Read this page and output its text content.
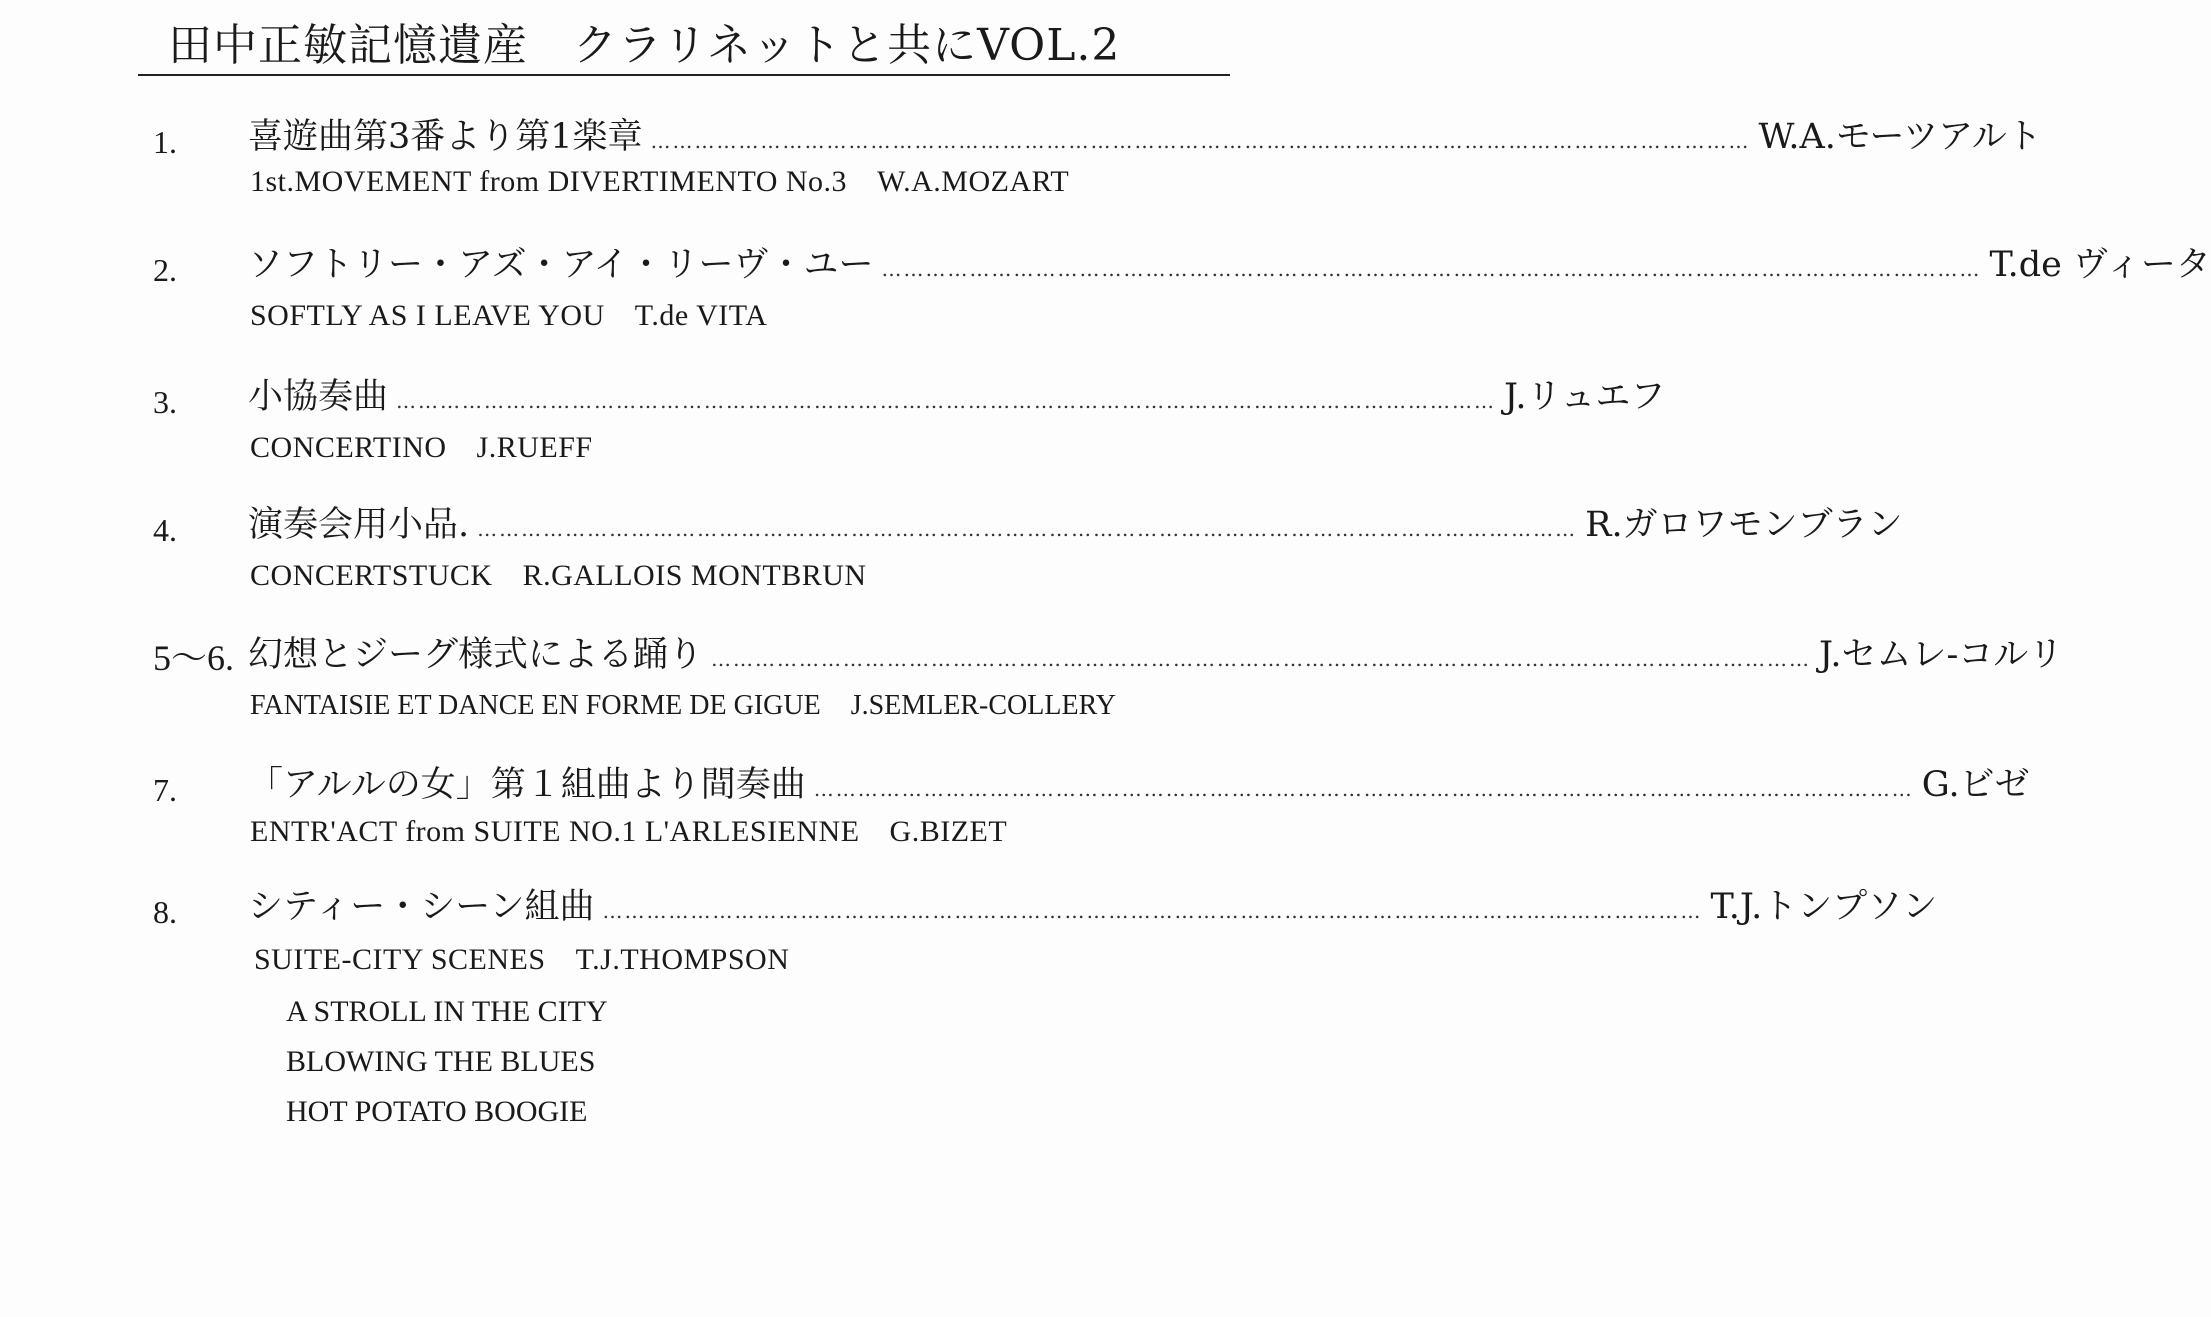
田中正敏記憶遺産　クラリネットと共にVOL.2
1. 喜遊曲第3番より第1楽章 …………………………………………………………………………………………………………………………………… W.A.モーツアルト
1st.MOVEMENT from DIVERTIMENTO No.3 W.A.MOZART
2. ソフトリー・アズ・アイ・リーヴ・ユー …………………………………………………………………………………………………………………………………… T.de ヴィータ
SOFTLY AS I LEAVE YOU T.de VITA
3. 小協奏曲 …………………………………………………………………………………………………………………………………… J.リュエフ
CONCERTINO J.RUEFF
4. 演奏会用小品. …………………………………………………………………………………………………………………………………… R.ガロワモンブラン
CONCERTSTUCK R.GALLOIS MONTBRUN
5〜6. 幻想とジーグ様式による踊り …………………………………………………………………………………………………………………………………… J.セムレ-コルリ
FANTAISIE ET DANCE EN FORME DE GIGUE J.SEMLER-COLLERY
7. 「アルルの女」第１組曲より間奏曲 …………………………………………………………………………………………………………………………………… G.ビゼ
ENTR'ACT from SUITE NO.1 L'ARLESIENNE G.BIZET
8. シティー・シーン組曲 …………………………………………………………………………………………………………………………………… T.J.トンプソン
SUITE-CITY SCENES T.J.THOMPSON
A STROLL IN THE CITY
BLOWING THE BLUES
HOT POTATO BOOGIE
